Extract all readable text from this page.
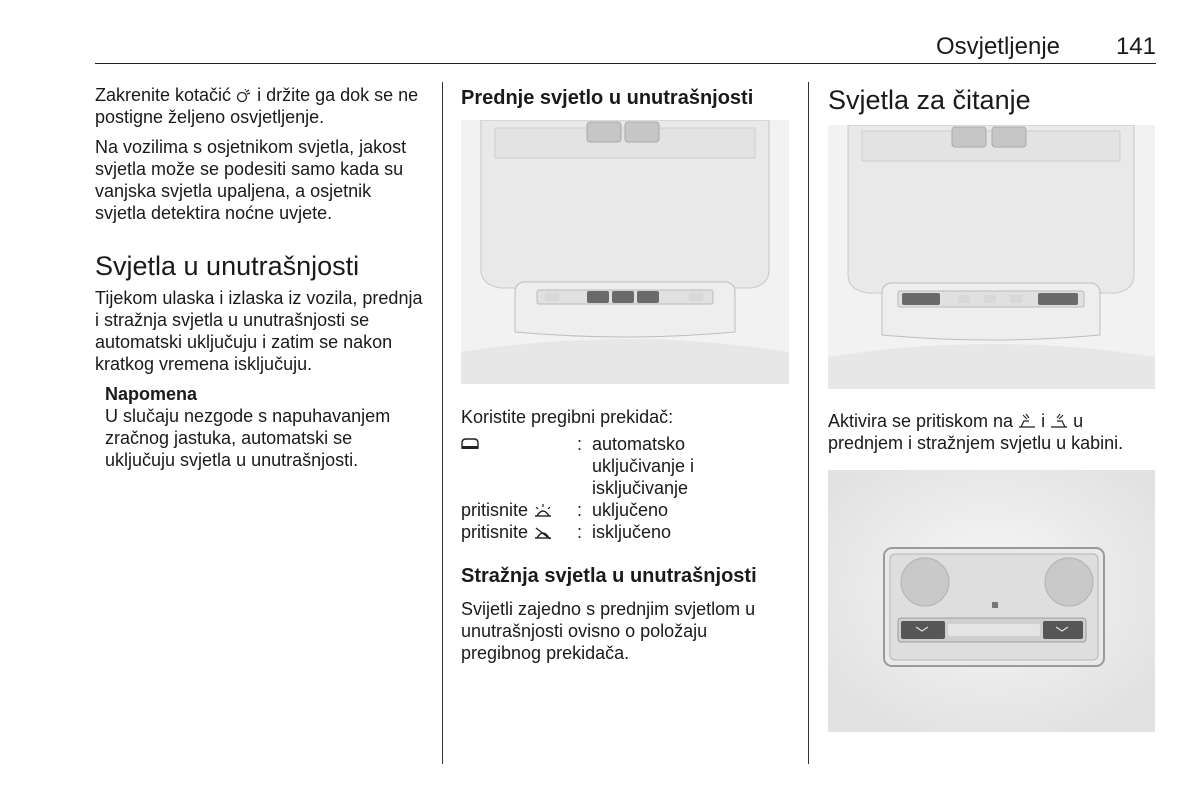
Osvjetljenje 141

Zakrenite kotačić i držite ga dok se ne postigne željeno osvjetljenje.

Na vozilima s osjetnikom svjetla, jakost svjetla može se podesiti samo kada su vanjska svjetla upaljena, a osjetnik svjetla detektira noćne uvjete.

Svjetla u unutrašnjosti

Tijekom ulaska i izlaska iz vozila, prednja i stražnja svjetla u unutrašnjosti se automatski uključuju i zatim se nakon kratkog vremena isključuju.

Napomena
U slučaju nezgode s napuhavanjem zračnog jastuka, automatski se uključuju svjetla u unutrašnjosti.
Prednje svjetlo u unutrašnjosti
Koristite pregibni prekidač:
: automatsko
uključivanje i
isključivanje
pritisnite	: uključeno
pritisnite	: isključeno
Stražnja svjetla u unutrašnjosti
Svijetli zajedno s prednjim svjetlom u unutrašnjosti ovisno o položaju pregibnog prekidača.
Svjetla za čitanje
Aktivira se pritiskom na i u prednjem i stražnjem svjetlu u kabini.
